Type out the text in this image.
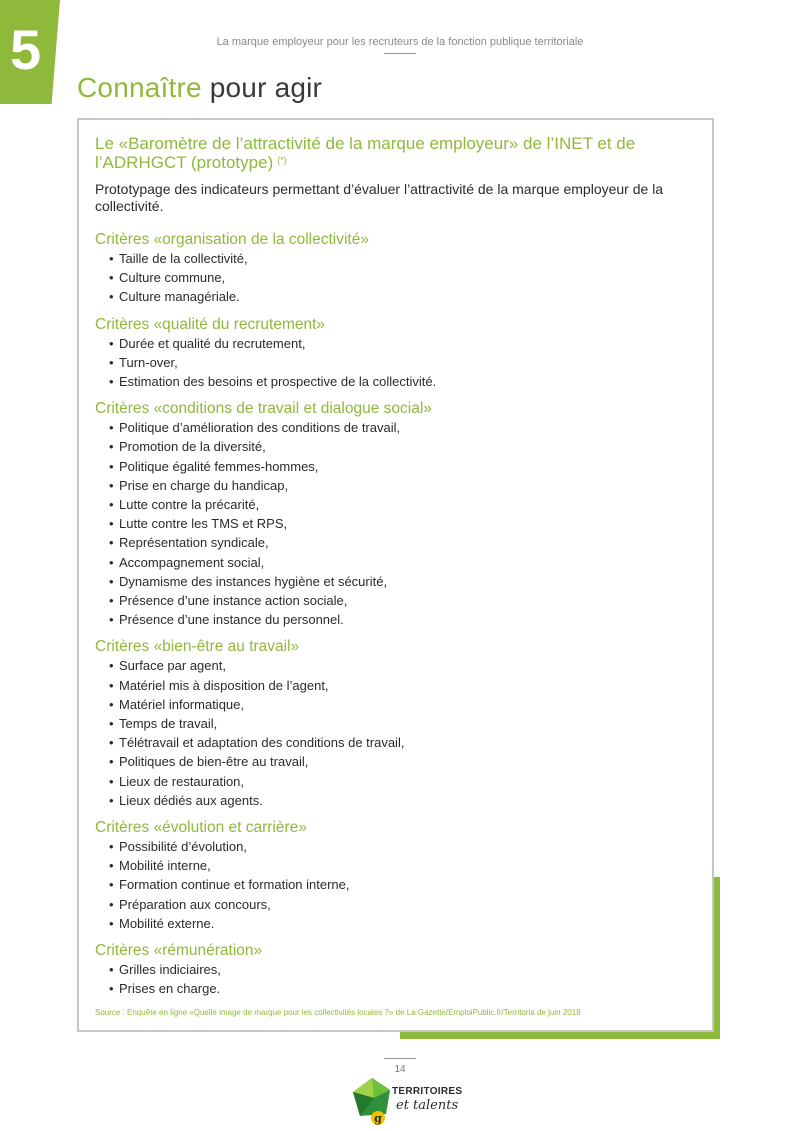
5	La marque employeur pour les recruteurs de la fonction publique territoriale
Connaître pour agir
Le «Baromètre de l’attractivité de la marque employeur» de l’INET et de l’ADRHGCT (prototype) (*)
Prototypage des indicateurs permettant d’évaluer l’attractivité de la marque employeur de la collectivité.
Critères «organisation de la collectivité»
• Taille de la collectivité,
• Culture commune,
• Culture managériale.
Critères «qualité du recrutement»
• Durée et qualité du recrutement,
• Turn-over,
• Estimation des besoins et prospective de la collectivité.
Critères «conditions de travail et dialogue social»
• Politique d’amélioration des conditions de travail,
• Promotion de la diversité,
• Politique égalité femmes-hommes,
• Prise en charge du handicap,
• Lutte contre la précarité,
• Lutte contre les TMS et RPS,
• Représentation syndicale,
• Accompagnement social,
• Dynamisme des instances hygiène et sécurité,
• Présence d’une instance action sociale,
• Présence d’une instance du personnel.
Critères «bien-être au travail»
• Surface par agent,
• Matériel mis à disposition de l’agent,
• Matériel informatique,
• Temps de travail,
• Télétravail et adaptation des conditions de travail,
• Politiques de bien-être au travail,
• Lieux de restauration,
• Lieux dédiés aux agents.
Critères «évolution et carrière»
• Possibilité d’évolution,
• Mobilité interne,
• Formation continue et formation interne,
• Préparation aux concours,
• Mobilité externe.
Critères «rémunération»
• Grilles indiciaires,
• Prises en charge.
Source : Enquête en ligne «Quelle image de marque pour les collectivités locales ?» de La Gazette/EmploiPublic.fr/Territoria de juin 2018
14
g
TERRITOIRES
et talents
